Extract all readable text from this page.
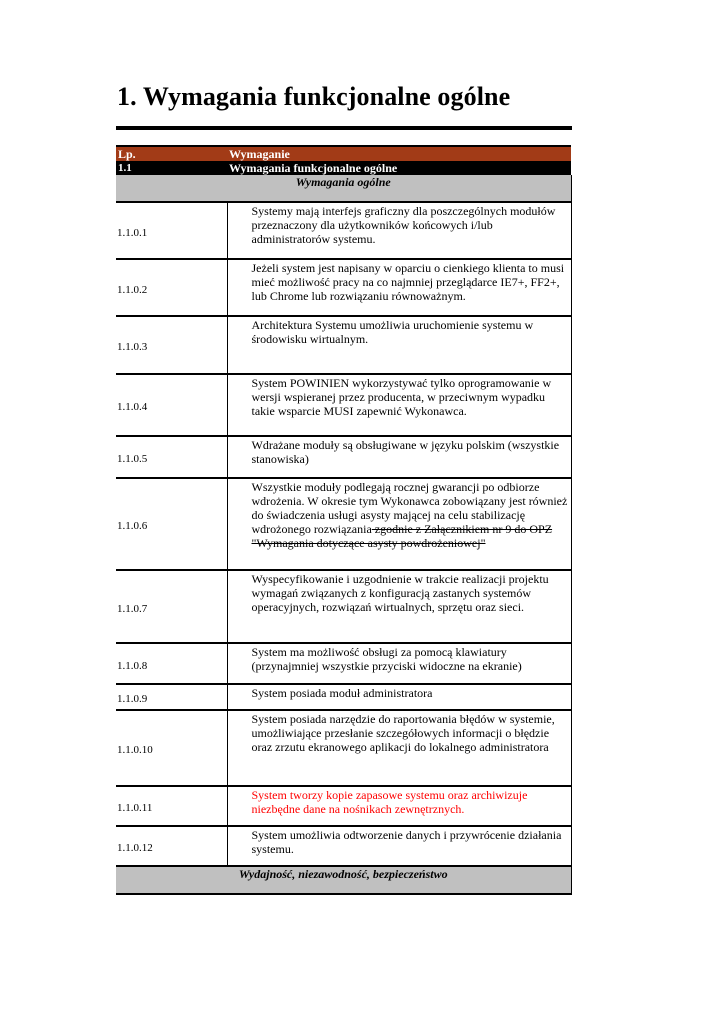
1. Wymagania funkcjonalne ogólne
Lp.	Wymaganie
1.1	Wymagania funkcjonalne ogólne
Wymagania ogólne	
1.1.0.1	Systemy mają interfejs graficzny dla poszczególnych modułów przeznaczony dla użytkowników końcowych i/lub administratorów systemu.
1.1.0.2	Jeżeli system jest napisany w oparciu o cienkiego klienta to musi mieć możliwość pracy na co najmniej przeglądarce IE7+, FF2+, lub Chrome lub rozwiązaniu równoważnym.
1.1.0.3	Architektura Systemu umożliwia uruchomienie systemu w środowisku wirtualnym.
1.1.0.4	System POWINIEN wykorzystywać tylko oprogramowanie w wersji wspieranej przez producenta, w przeciwnym wypadku takie wsparcie MUSI zapewnić Wykonawca.
1.1.0.5	Wdrażane moduły są obsługiwane w języku polskim (wszystkie stanowiska)
1.1.0.6	Wszystkie moduły podlegają rocznej gwarancji po odbiorze wdrożenia. W okresie tym Wykonawca zobowiązany jest również do świadczenia usługi asysty mającej na celu stabilizację wdrożonego rozwiązania zgodnie z Załącznikiem nr 9 do OPZ "Wymagania dotyczące asysty powdrożeniowej"
1.1.0.7	Wyspecyfikowanie i uzgodnienie w trakcie realizacji projektu wymagań związanych z konfiguracją zastanych systemów operacyjnych, rozwiązań wirtualnych, sprzętu oraz sieci.
1.1.0.8	System ma możliwość obsługi za pomocą klawiatury (przynajmniej wszystkie przyciski widoczne na ekranie)
1.1.0.9	System posiada moduł administratora
1.1.0.10	System posiada narzędzie do raportowania błędów w systemie, umożliwiające przesłanie szczegółowych informacji o błędzie oraz zrzutu ekranowego aplikacji do lokalnego administratora
1.1.0.11	System tworzy kopie zapasowe systemu oraz archiwizuje niezbędne dane na nośnikach zewnętrznych.
1.1.0.12	System umożliwia odtworzenie danych i przywrócenie działania systemu.
Wydajność, niezawodność, bezpieczeństwo	
